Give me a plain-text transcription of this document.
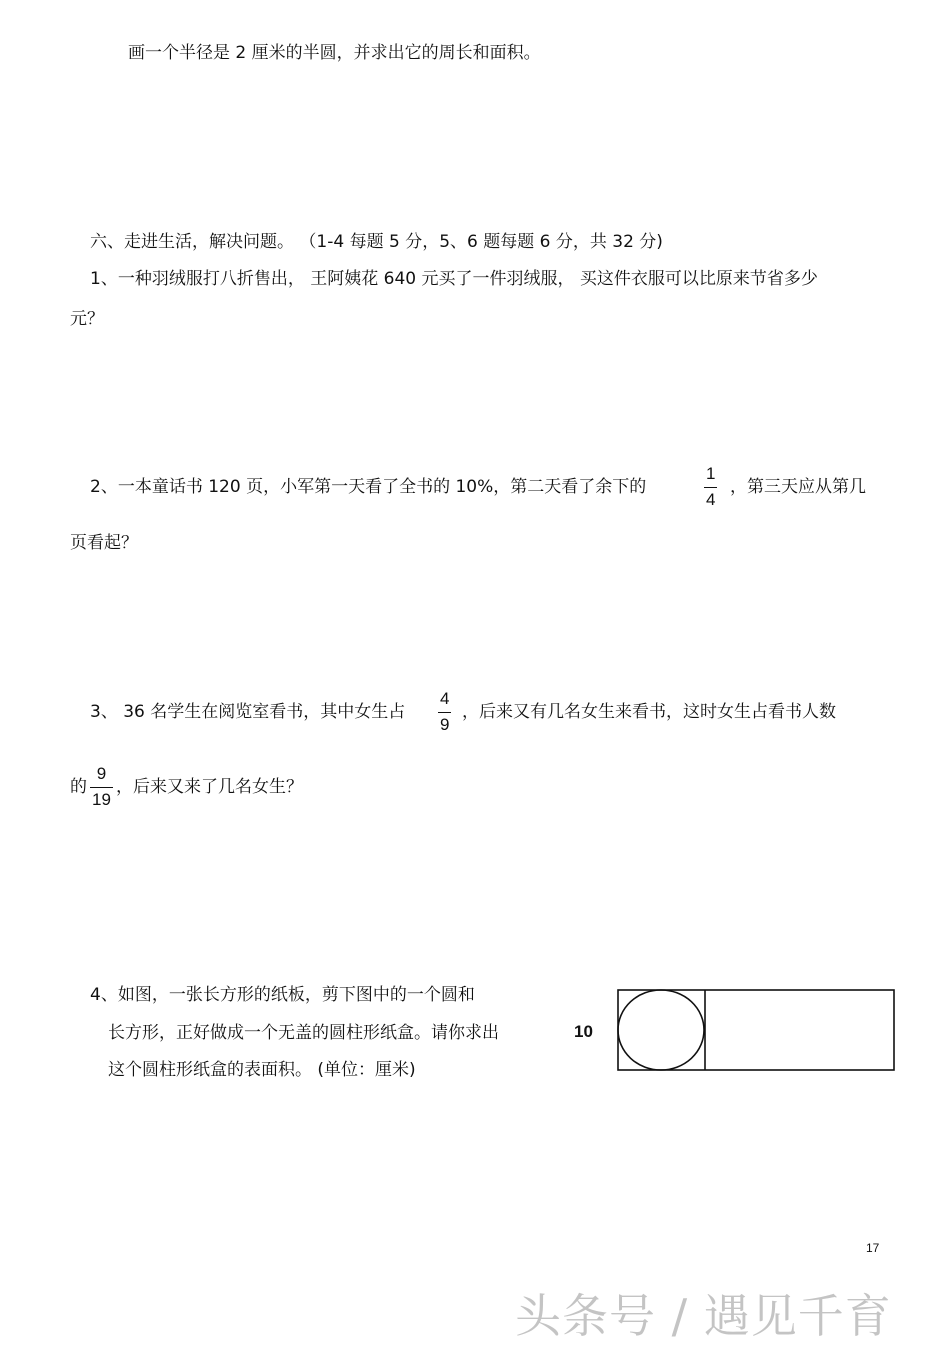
画一个半径是 2 厘米的半圆，并求出它的周长和面积。
六、走进生活，解决问题。 （1-4 每题 5 分，5、6 题每题 6 分，共 32 分)
1、一种羽绒服打八折售出， 王阿姨花 640 元买了一件羽绒服， 买这件衣服可以比原来节省多少
元？
2、一本童话书 120 页，小军第一天看了全书的 10%，第二天看了余下的
1
4
，第三天应从第几
页看起？
3、 36 名学生在阅览室看书，其中女生占
4
9
，后来又有几名女生来看书，这时女生占看书人数
的
9
19
，后来又来了几名女生？
4、如图，一张长方形的纸板，剪下图中的一个圆和
长方形，正好做成一个无盖的圆柱形纸盒。请你求出
这个圆柱形纸盒的表面积。 (单位：厘米)
10
17
头条号 / 遇见千育
